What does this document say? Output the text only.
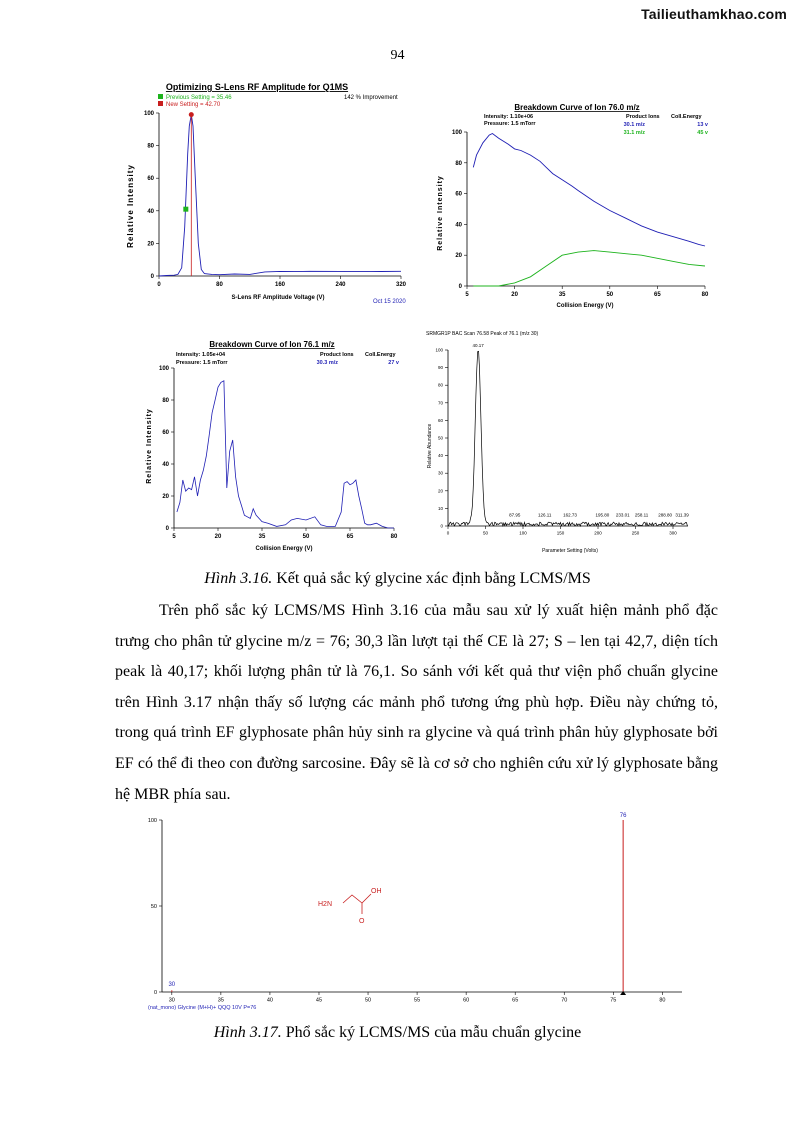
Tailieuthamkhao.com
94
Optimizing S-Lens RF Amplitude for Q1MS
Previous Setting = 35.46
New Setting = 42.70
142 % Improvement
Relative Intensity
0	80	160	240	320
0
20
40
60
80
100
S-Lens RF Amplitude Voltage (V)
Oct 15 2020
Breakdown Curve of Ion 76.0 m/z
Intensity: 1.10e+06
Pressure: 1.5 mTorr
Product Ions Coll.Energy
30.1 m/z	13 v
31.1 m/z	45 v
Relative Intensity
5	20	35	50	65	80
0
20
40
60
80
100
Collision Energy (V)
Breakdown Curve of Ion 76.1 m/z
Intensity: 1.05e+04
Pressure: 1.5 mTorr
Product Ions Coll.Energy
30.3 m/z	27 v
Relative Intensity
5	20	35	50	65	80
0
20
40
60
80
100
Collision Energy (V)
SRMGR1P BAC Scan 76.58 Peak of 76.1 (m/z 30)
Relative Abundance
0	50	100	150	200	250	300
0
10
20
30
40
50
60
70
80
90
100
40.17
87.95	126.11	162.73	195.80 233.01 258.11 288.80 311.39
Parameter Setting (Volts)
Hình 3.16. Kết quả sắc ký glycine xác định bằng LCMS/MS

Trên phổ sắc ký LCMS/MS Hình 3.16 của mẫu sau xử lý xuất hiện mảnh phổ đặc trưng cho phân tử glycine m/z = 76; 30,3 lần lượt tại thế CE là 27; S – len tại 42,7, diện tích peak là 40,17; khối lượng phân tử là 76,1. So sánh với kết quả thư viện phổ chuẩn glycine trên Hình 3.17 nhận thấy số lượng các mảnh phổ tương ứng phù hợp. Điều này chứng tỏ, trong quá trình EF glyphosate phân hủy sinh ra glycine và quá trình phân hủy glyphosate bởi EF có thể đi theo con đường sarcosine. Đây sẽ là cơ sở cho nghiên cứu xử lý glyphosate bằng hệ MBR phía sau.

30	35	40	45	50	55	60	65	70	75	80
0
50
100
30
76
H2N
OH
O
(nat_mono) Glycine (M+H)+ QQQ 10V P=76
Hình 3.17. Phổ sắc ký LCMS/MS của mẫu chuẩn glycine
